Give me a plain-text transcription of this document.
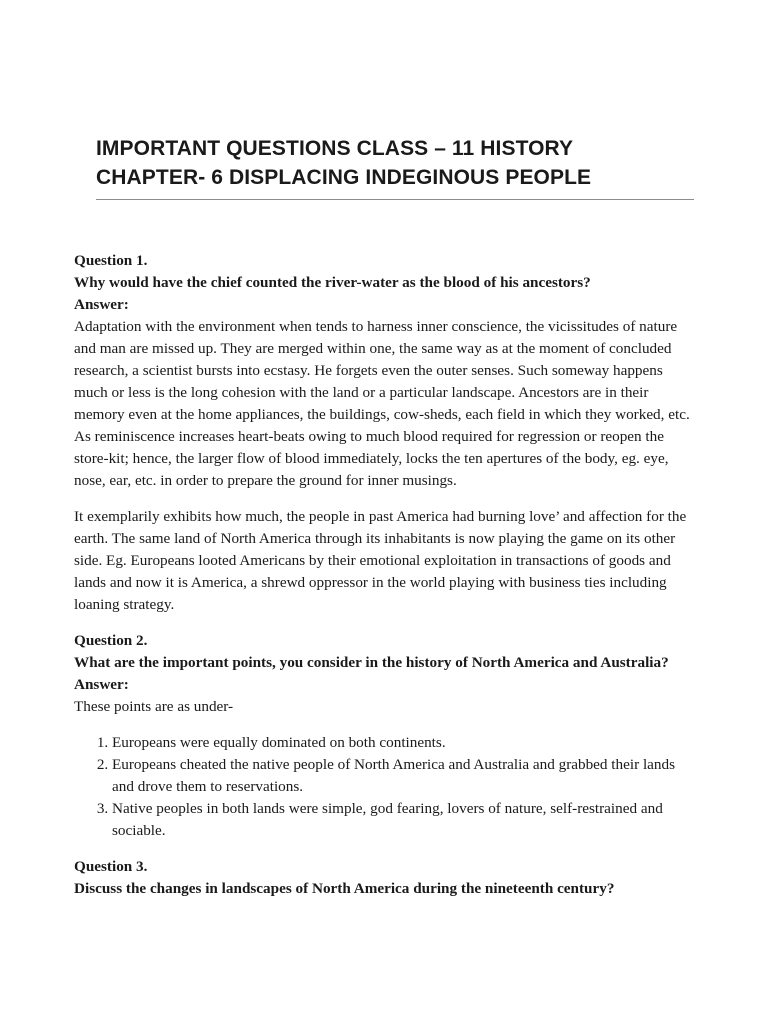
IMPORTANT QUESTIONS CLASS – 11 HISTORY
CHAPTER- 6 DISPLACING INDEGINOUS PEOPLE

Question 1.

Why would have the chief counted the river-water as the blood of his ancestors?

Answer:

Adaptation with the environment when tends to harness inner conscience, the vicissitudes of nature and man are missed up. They are merged within one, the same way as at the moment of concluded research, a scientist bursts into ecstasy. He forgets even the outer senses. Such someway happens much or less is the long cohesion with the land or a particular landscape. Ancestors are in their memory even at the home appliances, the buildings, cow-sheds, each field in which they worked, etc. As reminiscence increases heart-beats owing to much blood required for regression or reopen the store-kit; hence, the larger flow of blood immediately, locks the ten apertures of the body, eg. eye, nose, ear, etc. in order to prepare the ground for inner musings.

It exemplarily exhibits how much, the people in past America had burning love’ and affection for the earth. The same land of North America through its inhabitants is now playing the game on its other side. Eg. Europeans looted Americans by their emotional exploitation in transactions of goods and lands and now it is America, a shrewd oppressor in the world playing with business ties including loaning strategy.

Question 2.

What are the important points, you consider in the history of North America and Australia?

Answer:

These points are as under-

1. Europeans were equally dominated on both continents.
2. Europeans cheated the native people of North America and Australia and grabbed their lands and drove them to reservations.
3. Native peoples in both lands were simple, god fearing, lovers of nature, self-restrained and sociable.

Question 3.

Discuss the changes in landscapes of North America during the nineteenth century?
